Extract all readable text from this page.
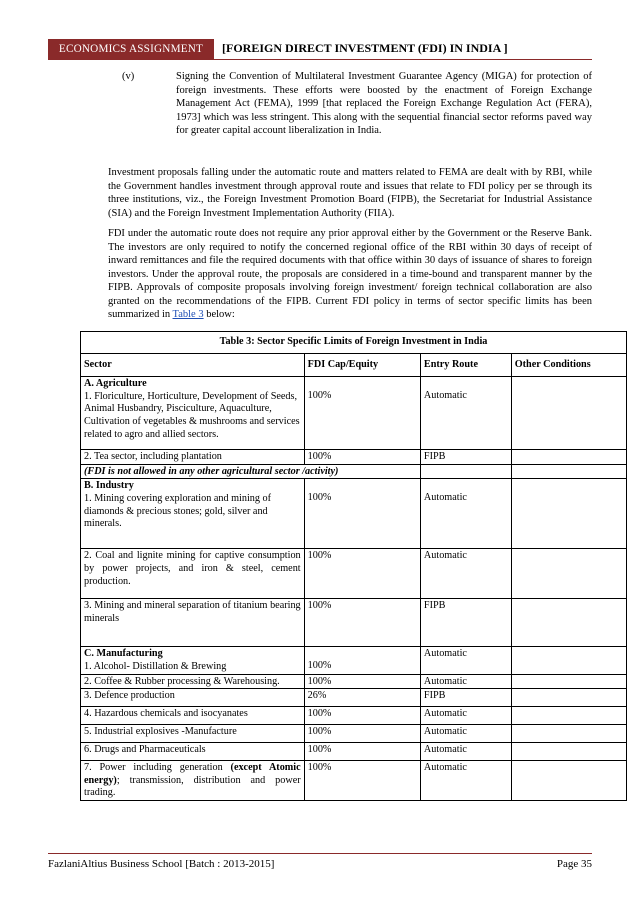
ECONOMICS ASSIGNMENT	[FOREIGN DIRECT INVESTMENT (FDI) IN INDIA ]
(v)	Signing the Convention of Multilateral Investment Guarantee Agency (MIGA) for protection of foreign investments. These efforts were boosted by the enactment of Foreign Exchange Management Act (FEMA), 1999 [that replaced the Foreign Exchange Regulation Act (FERA), 1973] which was less stringent. This along with the sequential financial sector reforms paved way for greater capital account liberalization in India.
Investment proposals falling under the automatic route and matters related to FEMA are dealt with by RBI, while the Government handles investment through approval route and issues that relate to FDI policy per se through its three institutions, viz., the Foreign Investment Promotion Board (FIPB), the Secretariat for Industrial Assistance (SIA) and the Foreign Investment Implementation Authority (FIIA).
FDI under the automatic route does not require any prior approval either by the Government or the Reserve Bank. The investors are only required to notify the concerned regional office of the RBI within 30 days of receipt of inward remittances and file the required documents with that office within 30 days of issuance of shares to foreign investors. Under the approval route, the proposals are considered in a time-bound and transparent manner by the FIPB. Approvals of composite proposals involving foreign investment/ foreign technical collaboration are also granted on the recommendations of the FIPB. Current FDI policy in terms of sector specific limits has been summarized in Table 3 below:
Table 3: Sector Specific Limits of Foreign Investment in India			
Sector	FDI Cap/Equity	Entry Route	Other Conditions

A. Agriculture
1. Floriculture, Horticulture, Development of Seeds, Animal Husbandry, Pisciculture, Aquaculture, Cultivation of vegetables & mushrooms and services related to agro and allied sectors.	100%	Automatic	

2. Tea sector, including plantation	100%	FIPB	
(FDI is not allowed in any other agricultural sector /activity)			

B. Industry
1. Mining covering exploration and mining of diamonds & precious stones; gold, silver and minerals.	100%	Automatic	

2. Coal and lignite mining for captive consumption by power projects, and iron & steel, cement production.	100%	Automatic	
3. Mining and mineral separation of titanium bearing minerals	100%	FIPB	

C. Manufacturing
1. Alcohol- Distillation & Brewing	100%	Automatic	
2. Coffee & Rubber processing & Warehousing.	100%	Automatic	
3. Defence production	26%	FIPB	
4. Hazardous chemicals and isocyanates	100%	Automatic	
5. Industrial explosives -Manufacture	100%	Automatic	
6. Drugs and Pharmaceuticals	100%	Automatic	
7. Power including generation (except Atomic energy); transmission, distribution and power trading.	100%	Automatic	
FazlaniAltius Business School [Batch : 2013-2015]	Page 35
